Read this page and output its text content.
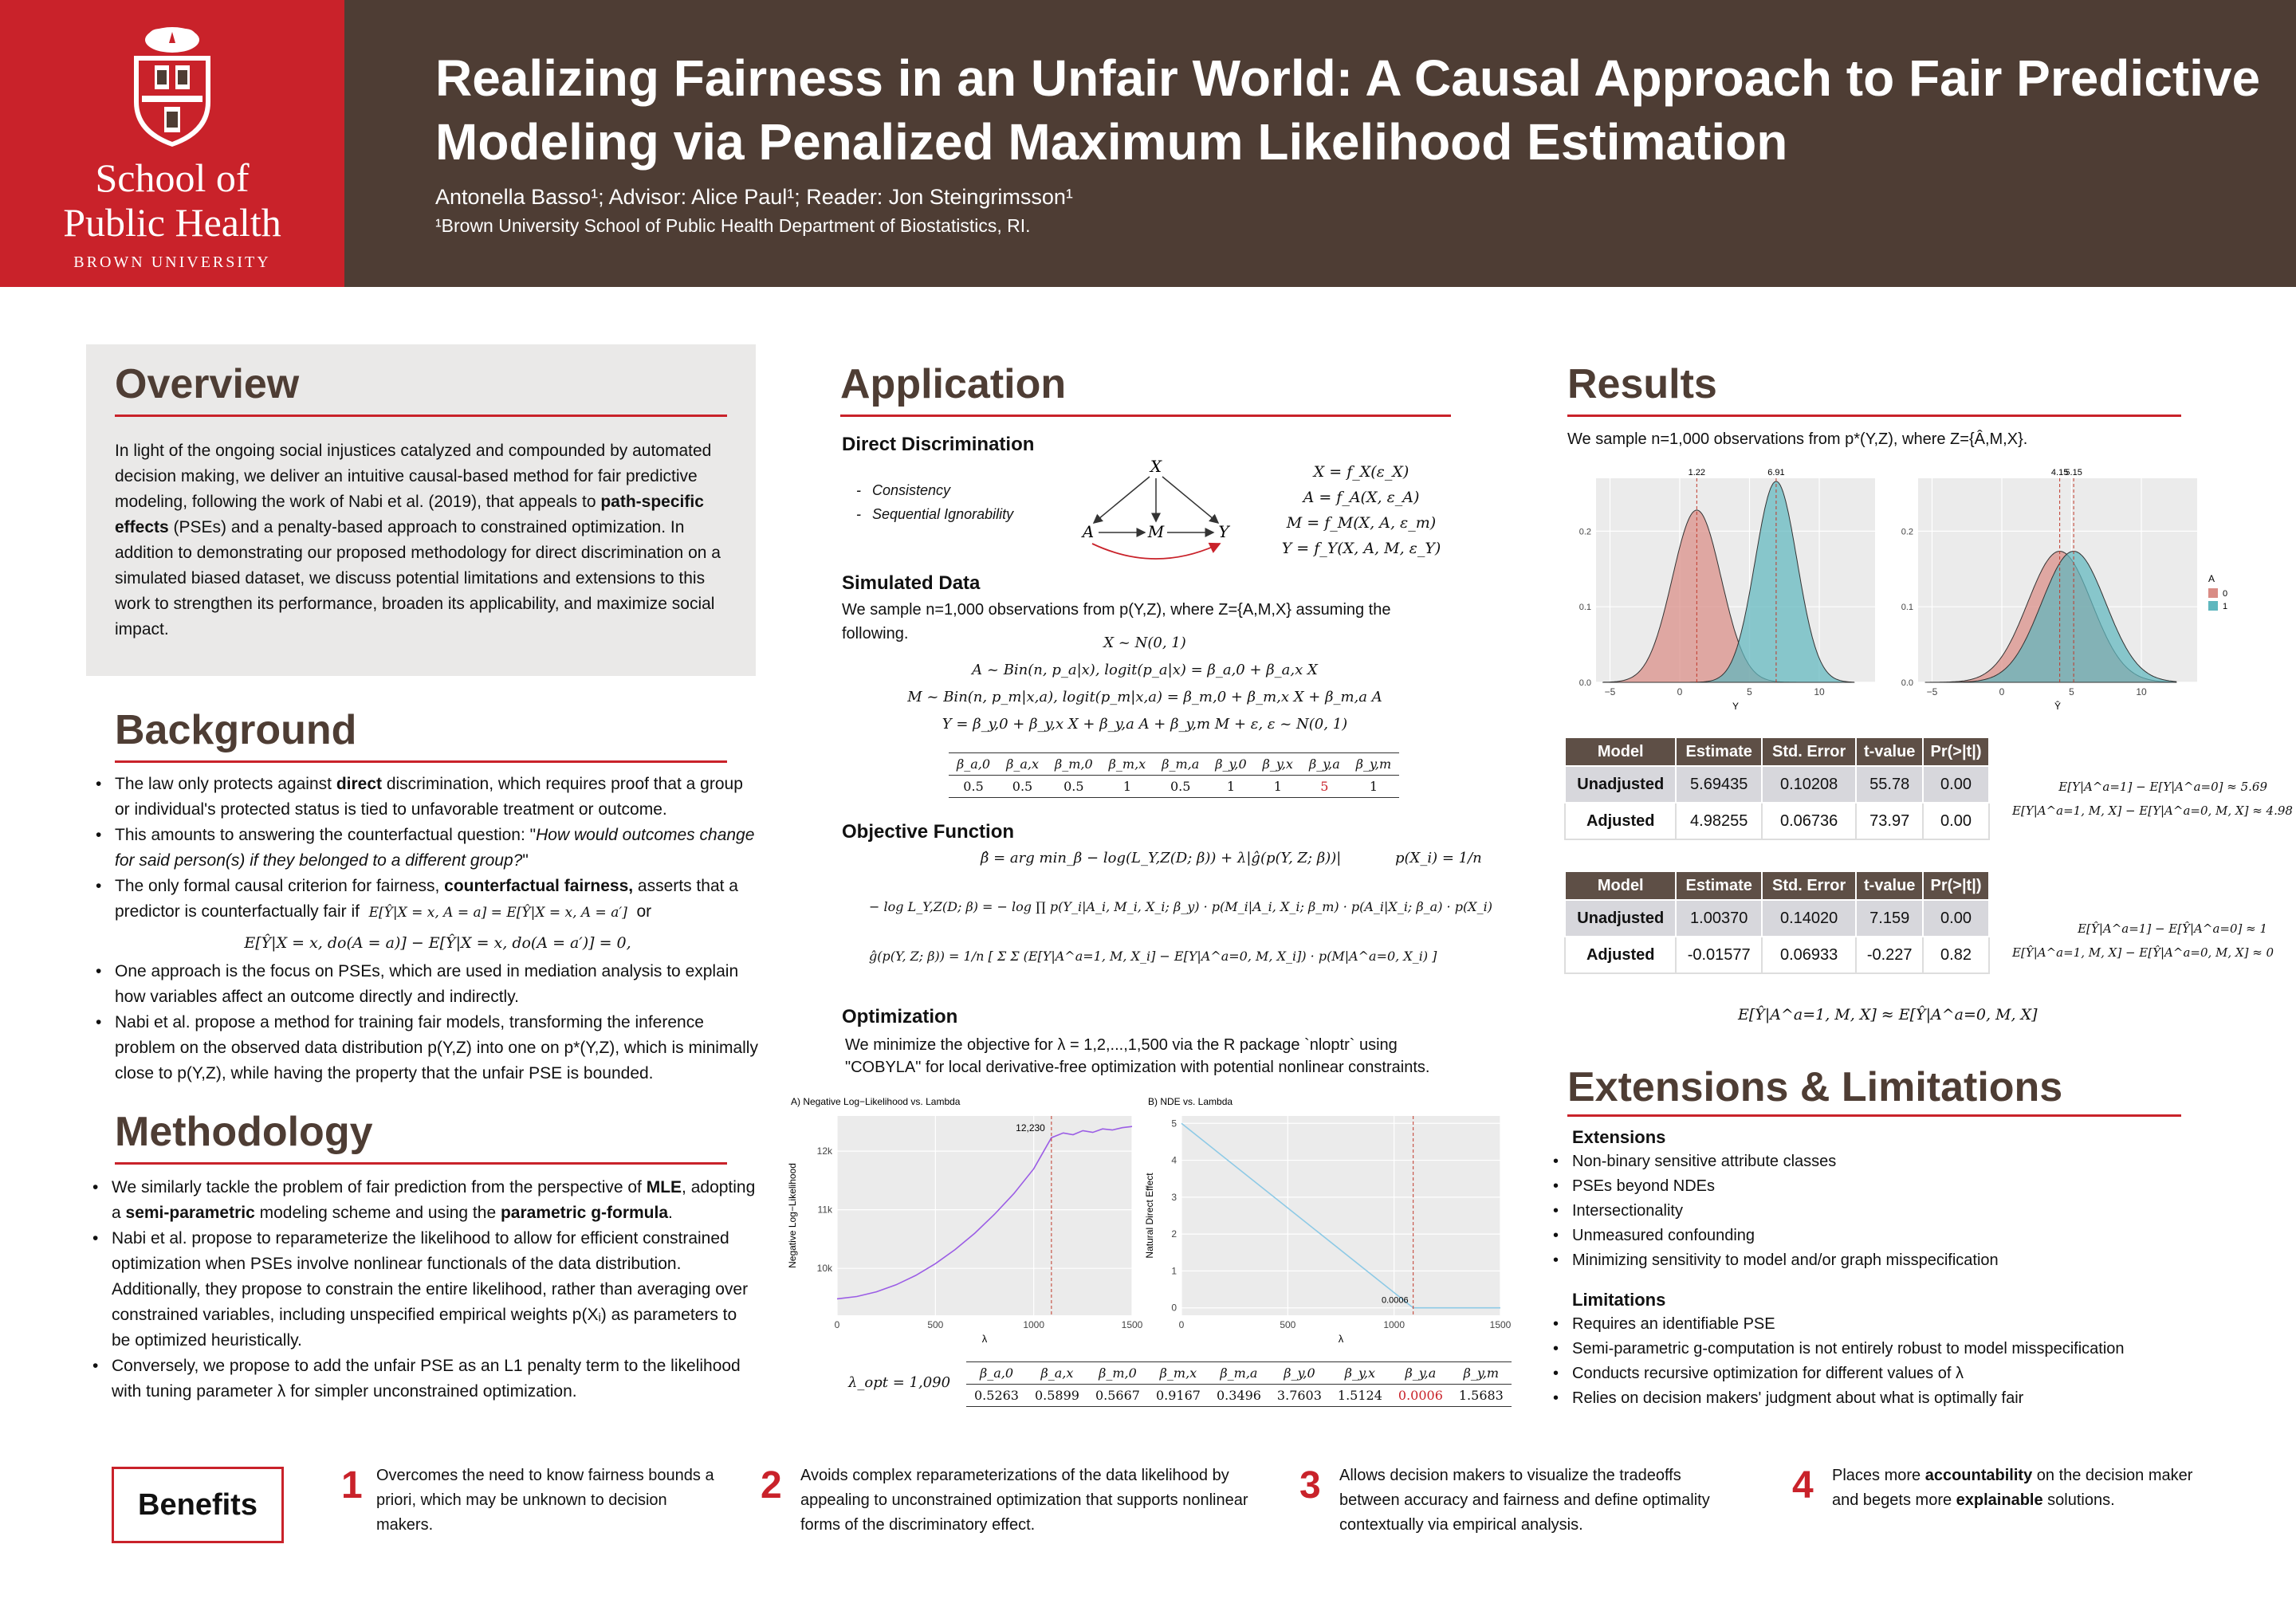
School of
Public Health
BROWN UNIVERSITY
Realizing Fairness in an Unfair World: A Causal Approach to Fair Predictive Modeling via Penalized Maximum Likelihood Estimation
Antonella Basso¹; Advisor: Alice Paul¹; Reader: Jon Steingrimsson¹
¹Brown University School of Public Health Department of Biostatistics, RI.
Overview
In light of the ongoing social injustices catalyzed and compounded by automated decision making, we deliver an intuitive causal-based method for fair predictive modeling, following the work of Nabi et al. (2019), that appeals to path-specific effects (PSEs) and a penalty-based approach to constrained optimization. In addition to demonstrating our proposed methodology for direct discrimination on a simulated biased dataset, we discuss potential limitations and extensions to this work to strengthen its performance, broaden its applicability, and maximize social impact.
Background
• The law only protects against direct discrimination, which requires proof that a group or individual's protected status is tied to unfavorable treatment or outcome.
• This amounts to answering the counterfactual question: "How would outcomes change for said person(s) if they belonged to a different group?"
• The only formal causal criterion for fairness, counterfactual fairness, asserts that a predictor is counterfactually fair if E[Ŷ|X = x, A = a] = E[Ŷ|X = x, A = a′] or
E[Ŷ|X = x, do(A = a)] − E[Ŷ|X = x, do(A = a′)] = 0,
• One approach is the focus on PSEs, which are used in mediation analysis to explain how variables affect an outcome directly and indirectly.
• Nabi et al. propose a method for training fair models, transforming the inference problem on the observed data distribution p(Y,Z) into one on p*(Y,Z), which is minimally close to p(Y,Z), while having the property that the unfair PSE is bounded.
Methodology
• We similarly tackle the problem of fair prediction from the perspective of MLE, adopting a semi-parametric modeling scheme and using the parametric g-formula.
• Nabi et al. propose to reparameterize the likelihood to allow for efficient constrained optimization when PSEs involve nonlinear functionals of the data distribution. Additionally, they propose to constrain the entire likelihood, rather than averaging over constrained variables, including unspecified empirical weights p(Xᵢ) as parameters to be optimized heuristically.
• Conversely, we propose to add the unfair PSE as an L1 penalty term to the likelihood with tuning parameter λ for simpler unconstrained optimization.
Application
Direct Discrimination
- Consistency
- Sequential Ignorability
X
A	M	Y
X = f_X(ε_X)
A = f_A(X, ε_A)
M = f_M(X, A, ε_m)
Y = f_Y(X, A, M, ε_Y)
Simulated Data
We sample n=1,000 observations from p(Y,Z), where Z={A,M,X} assuming the following.
X ~ N(0, 1)
A ~ Bin(n, p_a|x), logit(p_a|x) = β_a,0 + β_a,x X
M ~ Bin(n, p_m|x,a), logit(p_m|x,a) = β_m,0 + β_m,x X + β_m,a A
Y = β_y,0 + β_y,x X + β_y,a A + β_y,m M + ε, ε ~ N(0, 1)
β_a,0	β_a,x	β_m,0	β_m,x	β_m,a	β_y,0	β_y,x	β_y,a	β_y,m
0.5	0.5	0.5	1	0.5	1	1	5	1
Objective Function
β̂ = arg min_β − log(L_Y,Z(D; β)) + λ|ĝ(p(Y, Z; β))|	p(X_i) = 1/n
− log L_Y,Z(D; β) = − log ∏ p(Y_i|A_i, M_i, X_i; β_y) · p(M_i|A_i, X_i; β_m) · p(A_i|X_i; β_a) · p(X_i)
ĝ(p(Y, Z; β)) = 1/n [ Σ Σ (E[Y|A^a=1, M, X_i] − E[Y|A^a=0, M, X_i]) · p(M|A^a=0, X_i) ]
Optimization
We minimize the objective for λ = 1,2,...,1,500 via the R package `nloptr` using
"COBYLA" for local derivative-free optimization with potential nonlinear constraints.
A) Negative Log−Likelihood vs. Lambda
0	500	1000	1500
10k
11k
12k
λ
Negative Log−Likelihood
12,230
B) NDE vs. Lambda
0	500	1000	1500
0
1
2
3
4
5
λ
Natural Direct Effect
0.0006
λ_opt = 1,090
β_a,0	β_a,x	β_m,0	β_m,x	β_m,a	β_y,0	β_y,x	β_y,a	β_y,m
0.5263	0.5899	0.5667	0.9167	0.3496	3.7603	1.5124	0.0006	1.5683
Results
We sample n=1,000 observations from p*(Y,Z), where Z={Â,M,X}.
−5	0	5	10
0.0
0.1
0.2
Y
1.22	6.91
−5	0	5	10
0.0
0.1
0.2
Ŷ
4.15
5.15
A
0
1
Model	Estimate	Std. Error	t-value	Pr(>|t|)
Unadjusted	5.69435	0.10208	55.78	0.00
Adjusted	4.98255	0.06736	73.97	0.00
E[Y|A^a=1] − E[Y|A^a=0] ≈ 5.69
E[Y|A^a=1, M, X] − E[Y|A^a=0, M, X] ≈ 4.98
Model	Estimate	Std. Error	t-value	Pr(>|t|)
Unadjusted	1.00370	0.14020	7.159	0.00
Adjusted	-0.01577	0.06933	-0.227	0.82
E[Ŷ|A^a=1] − E[Ŷ|A^a=0] ≈ 1
E[Ŷ|A^a=1, M, X] − E[Ŷ|A^a=0, M, X] ≈ 0
E[Ŷ|A^a=1, M, X] ≈ E[Ŷ|A^a=0, M, X]
Extensions & Limitations
Extensions
• Non-binary sensitive attribute classes
• PSEs beyond NDEs
• Intersectionality
• Unmeasured confounding
• Minimizing sensitivity to model and/or graph misspecification
Limitations
• Requires an identifiable PSE
• Semi-parametric g-computation is not entirely robust to model misspecification
• Conducts recursive optimization for different values of λ
• Relies on decision makers' judgment about what is optimally fair
Benefits	1 Overcomes the need to know fairness bounds a priori, which may be unknown to decision makers.
2 Avoids complex reparameterizations of the data likelihood by appealing to unconstrained optimization that supports nonlinear forms of the discriminatory effect.
3 Allows decision makers to visualize the tradeoffs between accuracy and fairness and define optimality contextually via empirical analysis.
4 Places more accountability on the decision maker and begets more explainable solutions.
